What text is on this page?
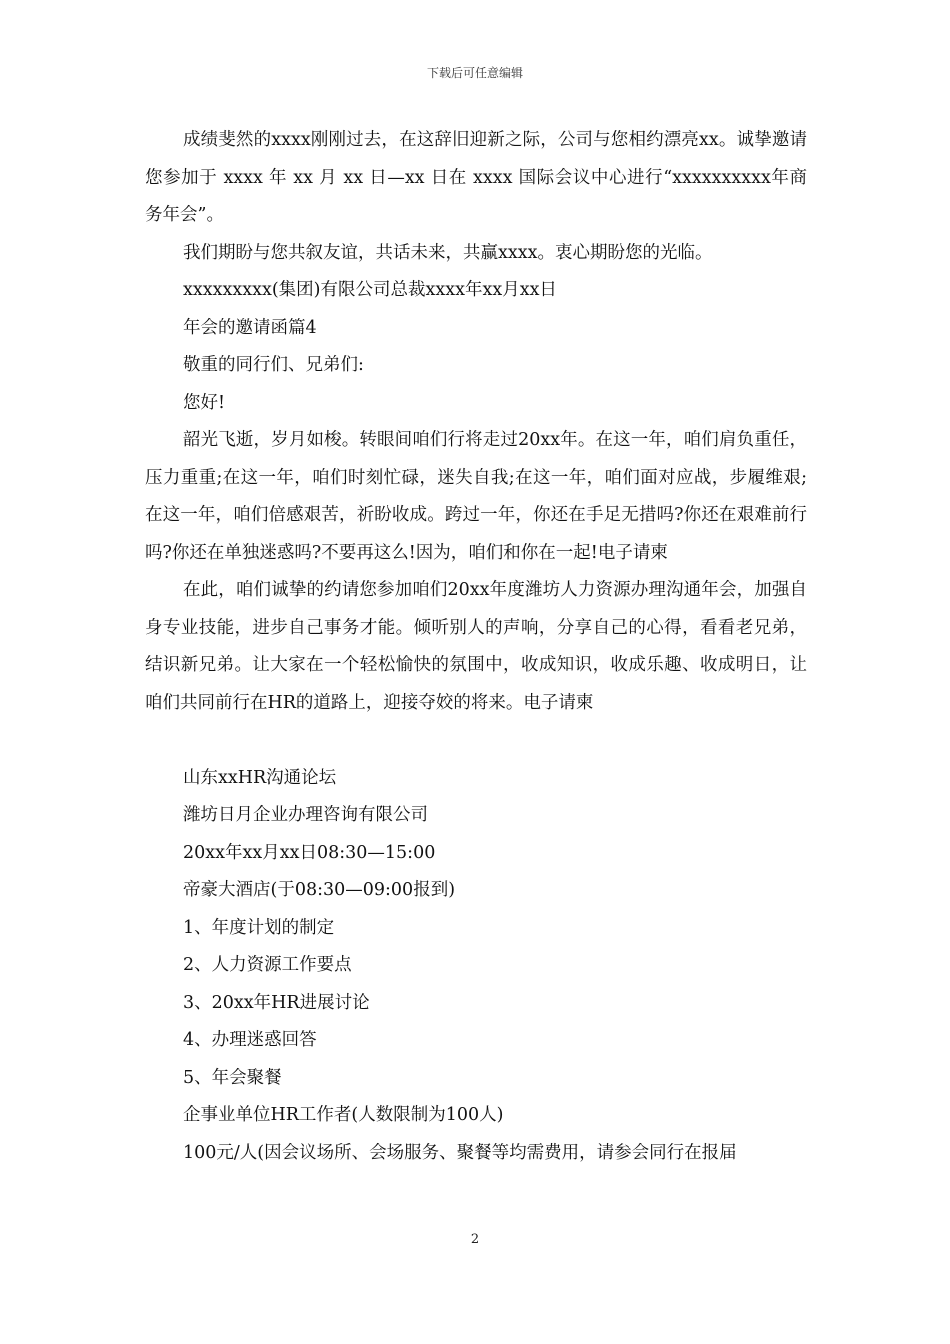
下载后可任意编辑

成绩斐然的xxxx刚刚过去，在这辞旧迎新之际，公司与您相约漂亮xx。诚挚邀请您参加于 xxxx 年 xx 月 xx 日—xx 日在 xxxx 国际会议中心进行“xxxxxxxxxx年商务年会”。

我们期盼与您共叙友谊，共话未来，共赢xxxx。衷心期盼您的光临。

xxxxxxxxx(集团)有限公司总裁xxxx年xx月xx日

年会的邀请函篇4

敬重的同行们、兄弟们:

您好!

韶光飞逝，岁月如梭。转眼间咱们行将走过20xx年。在这一年，咱们肩负重任，压力重重;在这一年，咱们时刻忙碌，迷失自我;在这一年，咱们面对应战，步履维艰;在这一年，咱们倍感艰苦，祈盼收成。跨过一年，你还在手足无措吗?你还在艰难前行吗?你还在单独迷惑吗?不要再这么!因为，咱们和你在一起!电子请柬

在此，咱们诚挚的约请您参加咱们20xx年度潍坊人力资源办理沟通年会，加强自身专业技能，进步自己事务才能。倾听别人的声响，分享自己的心得，看看老兄弟，结识新兄弟。让大家在一个轻松愉快的氛围中，收成知识，收成乐趣、收成明日，让咱们共同前行在HR的道路上，迎接夺姣的将来。电子请柬

山东xxHR沟通论坛

潍坊日月企业办理咨询有限公司

20xx年xx月xx日08:30—15:00

帝豪大酒店(于08:30—09:00报到)

1、年度计划的制定

2、人力资源工作要点

3、20xx年HR进展讨论

4、办理迷惑回答

5、年会聚餐

企事业单位HR工作者(人数限制为100人)

100元/人(因会议场所、会场服务、聚餐等均需费用，请参会同行在报届

2
